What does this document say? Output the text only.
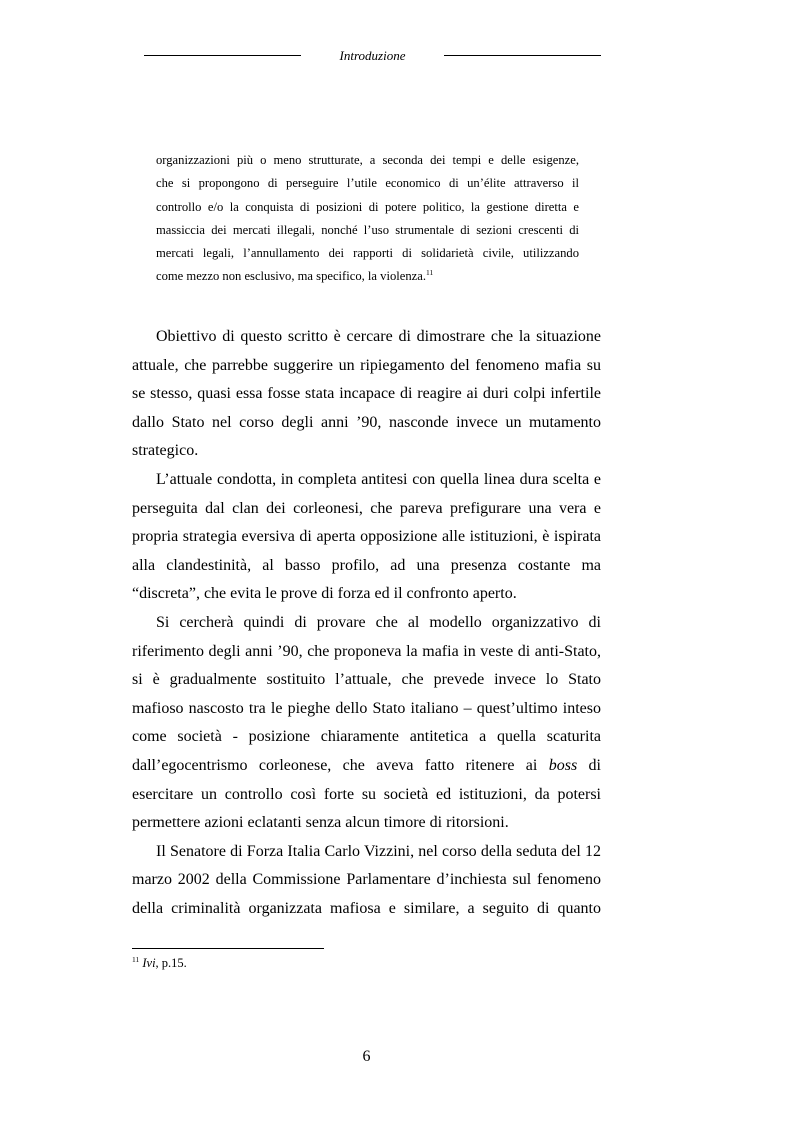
Introduzione
organizzazioni più o meno strutturate, a seconda dei tempi e delle esigenze,
che si propongono di perseguire l’utile economico di un’élite attraverso il
controllo e/o la conquista di posizioni di potere politico, la gestione diretta e
massiccia dei mercati illegali, nonché l’uso strumentale di sezioni crescenti di
mercati legali, l’annullamento dei rapporti di solidarietà civile, utilizzando
come mezzo non esclusivo, ma specifico, la violenza.$^{11}$
Obiettivo di questo scritto è cercare di dimostrare che la situazione
attuale, che parrebbe suggerire un ripiegamento del fenomeno mafia su
se stesso, quasi essa fosse stata incapace di reagire ai duri colpi infertile
dallo Stato nel corso degli anni ’90, nasconde invece un mutamento
strategico.
L’attuale condotta, in completa antitesi con quella linea dura scelta e
perseguita dal clan dei corleonesi, che pareva prefigurare una vera e
propria strategia eversiva di aperta opposizione alle istituzioni, è ispirata
alla clandestinità, al basso profilo, ad una presenza costante ma
“discreta”, che evita le prove di forza ed il confronto aperto.
Si cercherà quindi di provare che al modello organizzativo di
riferimento degli anni ’90, che proponeva la mafia in veste di anti-Stato,
si è gradualmente sostituito l’attuale, che prevede invece lo Stato
mafioso nascosto tra le pieghe dello Stato italiano – quest’ultimo inteso
come società - posizione chiaramente antitetica a quella scaturita
dall’egocentrismo corleonese, che aveva fatto ritenere ai boss di
esercitare un controllo così forte su società ed istituzioni, da potersi
permettere azioni eclatanti senza alcun timore di ritorsioni.
Il Senatore di Forza Italia Carlo Vizzini, nel corso della seduta del 12
marzo 2002 della Commissione Parlamentare d’inchiesta sul fenomeno
della criminalità organizzata mafiosa e similare, a seguito di quanto
$^{11}$ Ivi, p.15.
6
